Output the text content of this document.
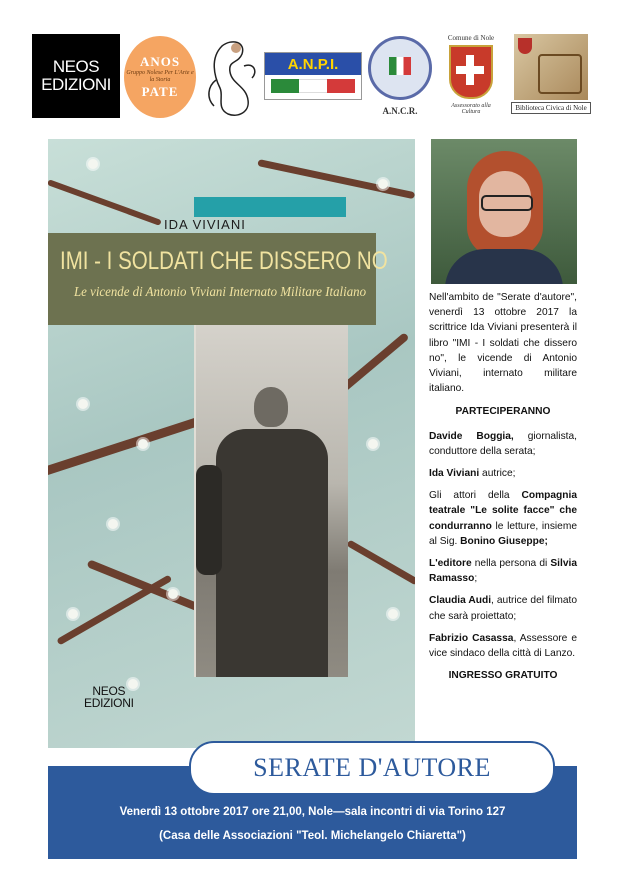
NEOS
EDIZIONI
ANOS
Gruppo Nolese Per L'Arte e la Storia
PATE
A.N.P.I.
A.N.C.R.
Comune di Nole
Assessorato alla Cultura	Biblioteca Civica di Nole
IDA VIVIANI
IMI - I SOLDATI CHE DISSERO NO
Le vicende di Antonio Viviani Internato Militare Italiano
NEOS
EDIZIONI

Nell'ambito de "Serate d'autore", venerdì 13 ottobre 2017 la scrittrice Ida Viviani presenterà il libro "IMI - I soldati che dissero no", le vicende di Antonio Viviani, internato militare italiano.

PARTECIPERANNO

Davide Boggia, giornalista, conduttore della serata;

Ida Viviani autrice;

Gli attori della Compagnia teatrale "Le solite facce" che condurranno le letture, insieme al Sig. Bonino Giuseppe;

L'editore nella persona di Silvia Ramasso;

Claudia Audi, autrice del filmato che sarà proiettato;

Fabrizio Casassa, Assessore e vice sindaco della città di Lanzo.

INGRESSO GRATUITO

Venerdì 13 ottobre 2017 ore 21,00, Nole—sala incontri di via Torino 127
(Casa delle Associazioni "Teol. Michelangelo Chiaretta")
SERATE D'AUTORE
